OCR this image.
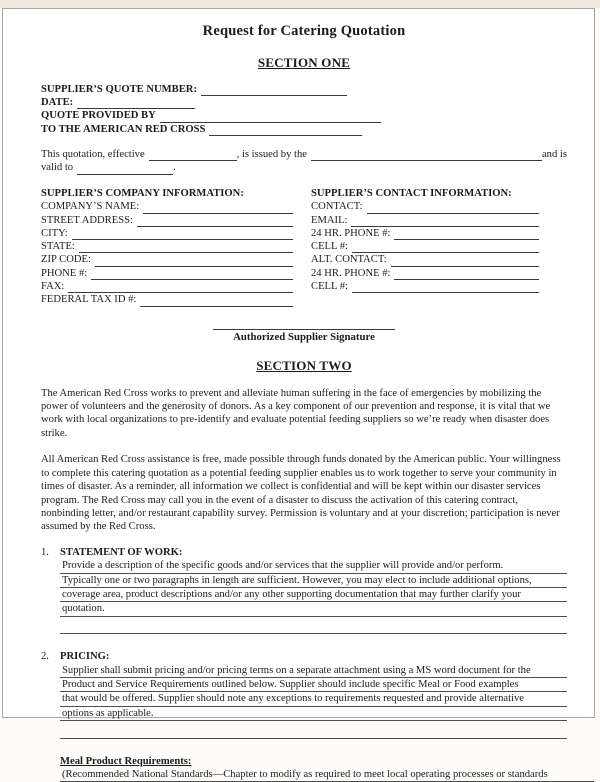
Request for Catering Quotation
SECTION ONE
SUPPLIER’S QUOTE NUMBER:
DATE:
QUOTE PROVIDED BY
TO THE AMERICAN RED CROSS
This quotation, effective	, is issued by the	and is
valid to	.
SUPPLIER’S COMPANY INFORMATION:
COMPANY’S NAME:
STREET ADDRESS:
CITY:
STATE:
ZIP CODE:
PHONE #:
FAX:
FEDERAL TAX ID #:
SUPPLIER’S CONTACT INFORMATION:
CONTACT:
EMAIL:
24 HR. PHONE #:
CELL #:
ALT. CONTACT:
24 HR. PHONE #:
CELL #:
Authorized Supplier Signature
SECTION TWO

The American Red Cross works to prevent and alleviate human suffering in the face of emergencies by mobilizing the power of volunteers and the generosity of donors. As a key component of our prevention and response, it is vital that we work with local organizations to pre-identify and evaluate potential feeding suppliers so we’re ready when disaster does strike.

All American Red Cross assistance is free, made possible through funds donated by the American public. Your willingness to complete this catering quotation as a potential feeding supplier enables us to work together to serve your community in times of disaster. As a reminder, all information we collect is confidential and will be kept within our disaster services program. The Red Cross may call you in the event of a disaster to discuss the activation of this catering contract, nonbinding letter, and/or restaurant capability survey. Permission is voluntary and at your discretion; participation is never assumed by the Red Cross.

1.	STATEMENT OF WORK:
Provide a description of the specific goods and/or services that the supplier will provide and/or perform.
Typically one or two paragraphs in length are sufficient. However, you may elect to include additional options,
coverage area, product descriptions and/or any other supporting documentation that may further clarify your
quotation.
2.	PRICING:
Supplier shall submit pricing and/or pricing terms on a separate attachment using a MS word document for the
Product and Service Requirements outlined below. Supplier should include specific Meal or Food examples
that would be offered. Supplier should note any exceptions to requirements requested and provide alternative
options as applicable.
Meal Product Requirements:
(Recommended National Standards—Chapter to modify as required to meet local operating processes or standards
